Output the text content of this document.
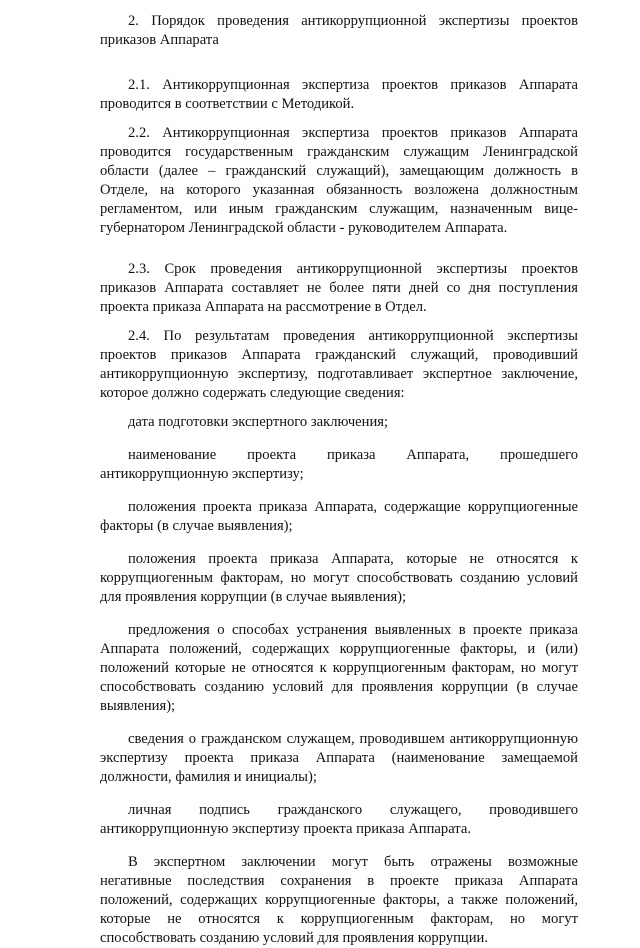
2. Порядок проведения антикоррупционной экспертизы проектов приказов Аппарата

2.1. Антикоррупционная экспертиза проектов приказов Аппарата проводится в соответствии с Методикой.

2.2. Антикоррупционная экспертиза проектов приказов Аппарата проводится государственным гражданским служащим Ленинградской области (далее – гражданский служащий), замещающим должность в Отделе, на которого указанная обязанность возложена должностным регламентом, или иным гражданским служащим, назначенным вице-губернатором Ленинградской области - руководителем Аппарата.

2.3. Срок проведения антикоррупционной экспертизы проектов приказов Аппарата составляет не более пяти дней со дня поступления проекта приказа Аппарата на рассмотрение в Отдел.

2.4. По результатам проведения антикоррупционной экспертизы проектов приказов Аппарата гражданский служащий, проводивший антикоррупционную экспертизу, подготавливает экспертное заключение, которое должно содержать следующие сведения:

дата подготовки экспертного заключения;

наименование проекта приказа Аппарата, прошедшего антикоррупционную экспертизу;

положения проекта приказа Аппарата, содержащие коррупциогенные факторы (в случае выявления);

положения проекта приказа Аппарата, которые не относятся к коррупциогенным факторам, но могут способствовать созданию условий для проявления коррупции (в случае выявления);

предложения о способах устранения выявленных в проекте приказа Аппарата положений, содержащих коррупциогенные факторы, и (или) положений которые не относятся к коррупциогенным факторам, но могут способствовать созданию условий для проявления коррупции (в случае выявления);

сведения о гражданском служащем, проводившем антикоррупционную экспертизу проекта приказа Аппарата (наименование замещаемой должности, фамилия и инициалы);

личная подпись гражданского служащего, проводившего антикоррупционную экспертизу проекта приказа Аппарата.

В экспертном заключении могут быть отражены возможные негативные последствия сохранения в проекте приказа Аппарата положений, содержащих коррупциогенные факторы, а также положений, которые не относятся к коррупциогенным факторам, но могут способствовать созданию условий для проявления коррупции.
